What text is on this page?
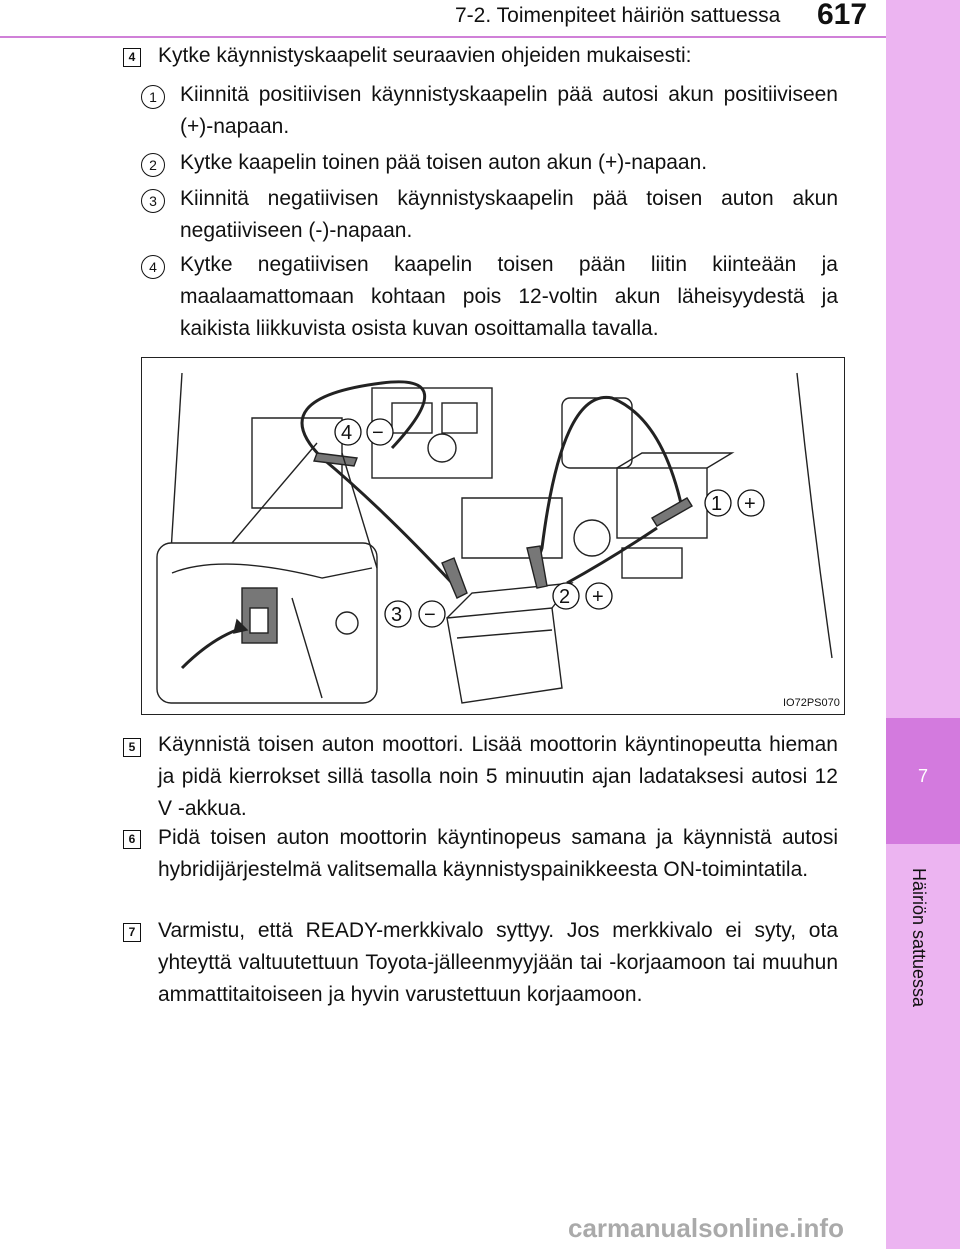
7-2. Toimenpiteet häiriön sattuessa 617
7
Häiriön sattuessa
4 Kytke käynnistyskaapelit seuraavien ohjeiden mukaisesti:
1	Kiinnitä positiivisen käynnistyskaapelin pää autosi akun positiiviseen (+)-napaan.
2	Kytke kaapelin toinen pää toisen auton akun (+)-napaan.
3	Kiinnitä negatiivisen käynnistyskaapelin pää toisen auton akun negatiiviseen (-)-napaan.
4	Kytke negatiivisen kaapelin toisen pään liitin kiinteään ja maalaamattomaan kohtaan pois 12-voltin akun läheisyydestä ja kaikista liikkuvista osista kuvan osoittamalla tavalla.
4 −
1 +
2 +
3 −
IO72PS070
5 Käynnistä toisen auton moottori. Lisää moottorin käyntinopeutta hieman ja pidä kierrokset sillä tasolla noin 5 minuutin ajan ladataksesi autosi 12 V -akkua.
6 Pidä toisen auton moottorin käyntinopeus samana ja käynnistä autosi hybridijärjestelmä valitsemalla käynnistyspainikkeesta ON-toimintatila.
7 Varmistu, että READY-merkkivalo syttyy. Jos merkkivalo ei syty, ota yhteyttä valtuutettuun Toyota-jälleenmyyjään tai -korjaamoon tai muuhun ammattitaitoiseen ja hyvin varustettuun korjaamoon.
carmanualsonline.info
